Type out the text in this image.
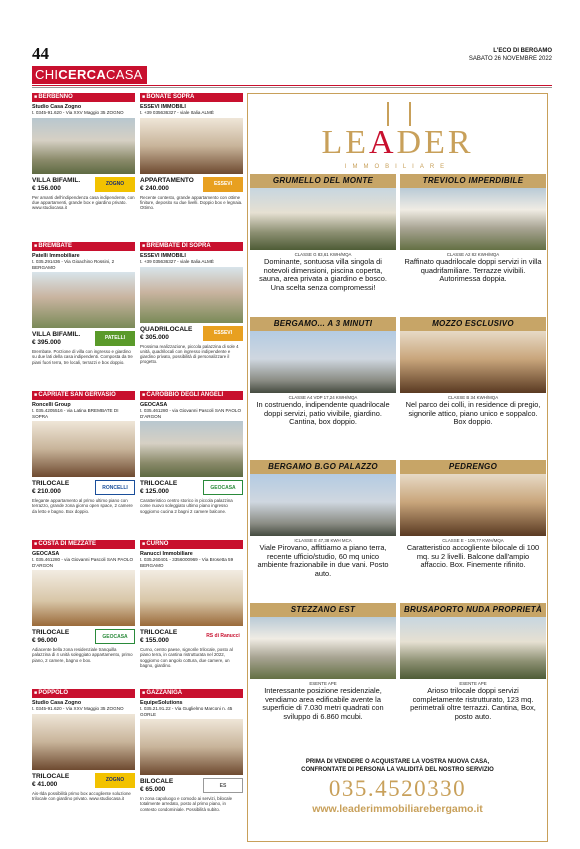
44	L'ECO DI BERGAMO
SABATO 26 NOVEMBRE 2022
CHICERCACASA
■ BERBENNO
Studio Casa Zogno
t. 0345-91.620 - Via XXV Maggio 35 ZOGNO
VILLA BIFAMIL.
€ 156.000
ZOGNO
Per amanti dell'indipendenza casa indipendente, con due appartamenti, grande box e giardino privato. www.studiocasa.it
■ BREMBATE
Patelli Immobiliare
t. 035.291436 - Via Gioachino Rossini, 2 BERGAMO
VILLA BIFAMIL.
€ 395.000
PATELLI
Brembate. Porzione di villa con ingresso e giardino su due lati della casa indipendenti. Composta da tre piani fuori terra, tre locali, terrazzi e box doppio.
■ CAPRIATE SAN GERVASIO
Roncelli Group
t. 035.4205516 - via Latina BREMBATE DI SOPRA
TRILOCALE
€ 210.000	RONCELLI
Elegante appartamento al primo ultimo piano con terrazzo, grande zona giorno open space, 2 camere da letto e bagno. Box doppio.
■ COSTA DI MEZZATE
GEOCASA
t. 035.461280 - via Giovanni Pascoli SAN PAOLO D'ARGON
TRILOCALE
€ 96.000	GEOCASA
Adiacente bella zona residenziale tranquilla palazzina di 4 unità soleggiato appartamento, primo piano, 2 camere, bagno e box.
■ POPPOLO
Studio Casa Zogno
t. 0345-91.620 - Via XXV Maggio 35 ZOGNO
TRILOCALE
€ 41.000
ZOGNO
Ais-Ilda possibilità primo box accogliente soluzione trilocale con giardino privato. www.studiocasa.it
■ BONATE SOPRA
ESSEVI IMMOBILI
t. +39 035636327 - viale Italia ALMÈ
APPARTAMENTO
€ 240.000
ESSEVI
Recente contesto, grande appartamento con ottime finiture, deposito su due livelli. Doppio box e legnaia. Ottimo.
■ BREMBATE DI SOPRA
ESSEVI IMMOBILI
t. +39 035636327 - viale Italia ALMÈ
QUADRILOCALE
€ 305.000
ESSEVI
Prossima realizzazione, piccola palazzina di sole 4 unità, quadrilocali con ingresso indipendente e giardino privato, possibilità di personalizzare il progetto.
■ CAROBBIO DEGLI ANGELI
GEOCASA
t. 035.461280 - via Giovanni Pascoli SAN PAOLO D'ARGON
TRILOCALE
€ 125.000	GEOCASA
Caratteristico centro storico in piccola palazzina come nuovo soleggiato ultimo piano ingresso soggiorno cucina 2 bagni 2 camere balcone.
■ CURNO
Ranucci Immobiliare
t. 035.260401 - 3356000969 - Via Brosetta 59 BERGAMO
TRILOCALE
€ 155.000
RS di Ranucci
Curno, centro paese, signorile trilocale, posto al piano terra, in cantina ristrutturata nel 2022, soggiorno con angolo cottura, due camere, un bagno, giardino.
■ GAZZANIGA
EquipeSolutions
t. 035.21.91.22 - Via Guglielmo Marconi n. 45 GORLE
BILOCALE
€ 65.000	ES
In zona capoluogo e comodo ai servizi, bilocale totalmente arredato, posto al primo piano, in contesto condominiale. Possibilità subito.
LEADER
IMMOBILIARE
GRUMELLO DEL MONTE
CLASSE G 83,61 KWH/MQA
Dominante, sontuosa villa singola di notevoli dimensioni, piscina coperta, sauna, area privata a giardino e bosco. Una scelta senza compromessi!
TREVIOLO IMPERDIBILE
CLASSE A2 82 KWH/MQA
Raffinato quadrilocale doppi servizi in villa quadrifamiliare. Terrazze vivibili. Autorimessa doppia.
BERGAMO... A 3 MINUTI
CLASSE A4 VDP 17,24 KWH/MQA
In costruendo, indipendente quadrilocale doppi servizi, patio vivibile, giardino. Cantina, box doppio.
MOZZO ESCLUSIVO
CLASSE B 34 KWH/MQA
Nel parco dei colli, in residence di pregio, signorile attico, piano unico e soppalco. Box doppio.
BERGAMO B.GO PALAZZO
ICLASSE E 47,38 KWH MCA
Viale Pirovano, affittiamo a piano terra, recente ufficio/studio, 60 mq unico ambiente frazionabile in due vani. Posto auto.
PEDRENGO
CLASSE E - 109,77 KWH/MQA
Caratteristico accogliente bilocale di 100 mq. su 2 livelli. Balcone dall'ampio affaccio. Box. Finemente rifinito.
STEZZANO EST
ESENTE APE
Interessante posizione residenziale, vendiamo area edificabile avente la superficie di 7.030 metri quadrati con sviluppo di 6.860 mcubi.
BRUSAPORTO NUDA PROPRIETÀ
ESENTE APE
Arioso trilocale doppi servizi completamente ristrutturato, 123 mq. perimetrali oltre terrazzi. Cantina, Box, posto auto.
PRIMA DI VENDERE O ACQUISTARE LA VOSTRA NUOVA CASA,
CONFRONTATE DI PERSONA LA VALIDITÀ DEL NOSTRO SERVIZIO
035.4520330
www.leaderimmobiliarebergamo.it
